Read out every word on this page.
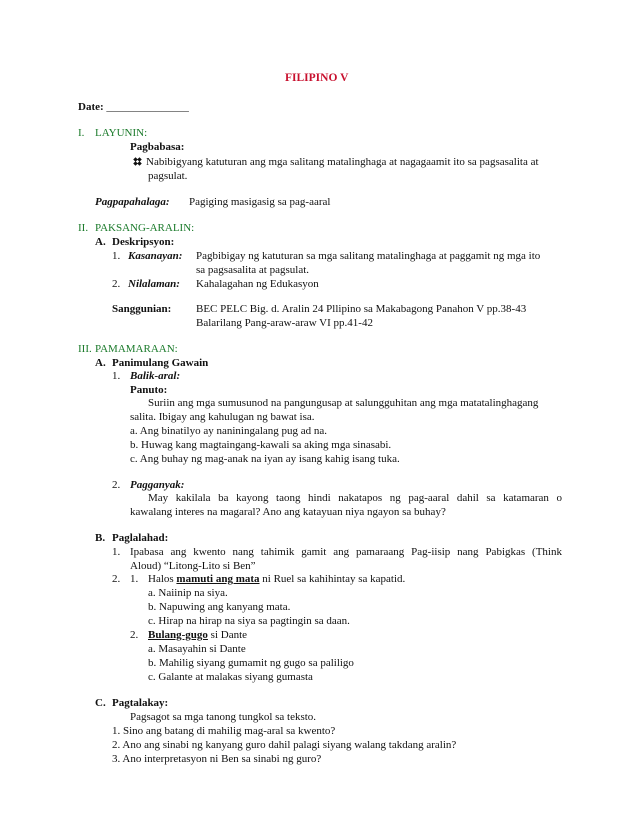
FILIPINO V
Date: _______________
I. LAYUNIN:
Pagbabasa:
Nabibigyang katuturan ang mga salitang matalinghaga at nagagaamit ito sa pagsasalita at
pagsulat.
Pagpapahalaga: Pagiging masigasig sa pag-aaral
II. PAKSANG-ARALIN:
A. Deskripsyon:
1. Kasanayan: Pagbibigay ng katuturan sa mga salitang matalinghaga at paggamit ng mga ito
sa pagsasalita at pagsulat.
2. Nilalaman: Kahalagahan ng Edukasyon
Sanggunian: BEC PELC Big. d. Aralin 24 Pllipino sa Makabagong Panahon V pp.38-43
Balarilang Pang-araw-araw VI pp.41-42
III. PAMAMARAAN:
A. Panimulang Gawain
1. Balik-aral:
Panuto:
Suriin ang mga sumusunod na pangungusap at salungguhitan ang mga matatalinghagang
salita. Ibigay ang kahulugan ng bawat isa.
a. Ang binatilyo ay naniningalang pug ad na.
b. Huwag kang magtaingang-kawali sa aking mga sinasabi.
c. Ang buhay ng mag-anak na iyan ay isang kahig isang tuka.
2. Pagganyak:
May kakilala ba kayong taong hindi nakatapos ng pag-aaral dahil sa katamaran o
kawalang interes na magaral? Ano ang katayuan niya ngayon sa buhay?
B. Paglalahad:
1. Ipabasa ang kwento nang tahimik gamit ang pamaraang Pag-iisip nang Pabigkas (Think
Aloud) “Litong-Lito si Ben”
2. 1. Halos mamuti ang mata ni Ruel sa kahihintay sa kapatid.
a. Naiinip na siya.
b. Napuwing ang kanyang mata.
c. Hirap na hirap na siya sa pagtingin sa daan.
2. Bulang-gugo si Dante
a. Masayahin si Dante
b. Mahilig siyang gumamit ng gugo sa paliligo
c. Galante at malakas siyang gumasta
C. Pagtalakay:
Pagsagot sa mga tanong tungkol sa teksto.
1. Sino ang batang di mahilig mag-aral sa kwento?
2. Ano ang sinabi ng kanyang guro dahil palagi siyang walang takdang aralin?
3. Ano interpretasyon ni Ben sa sinabi ng guro?
